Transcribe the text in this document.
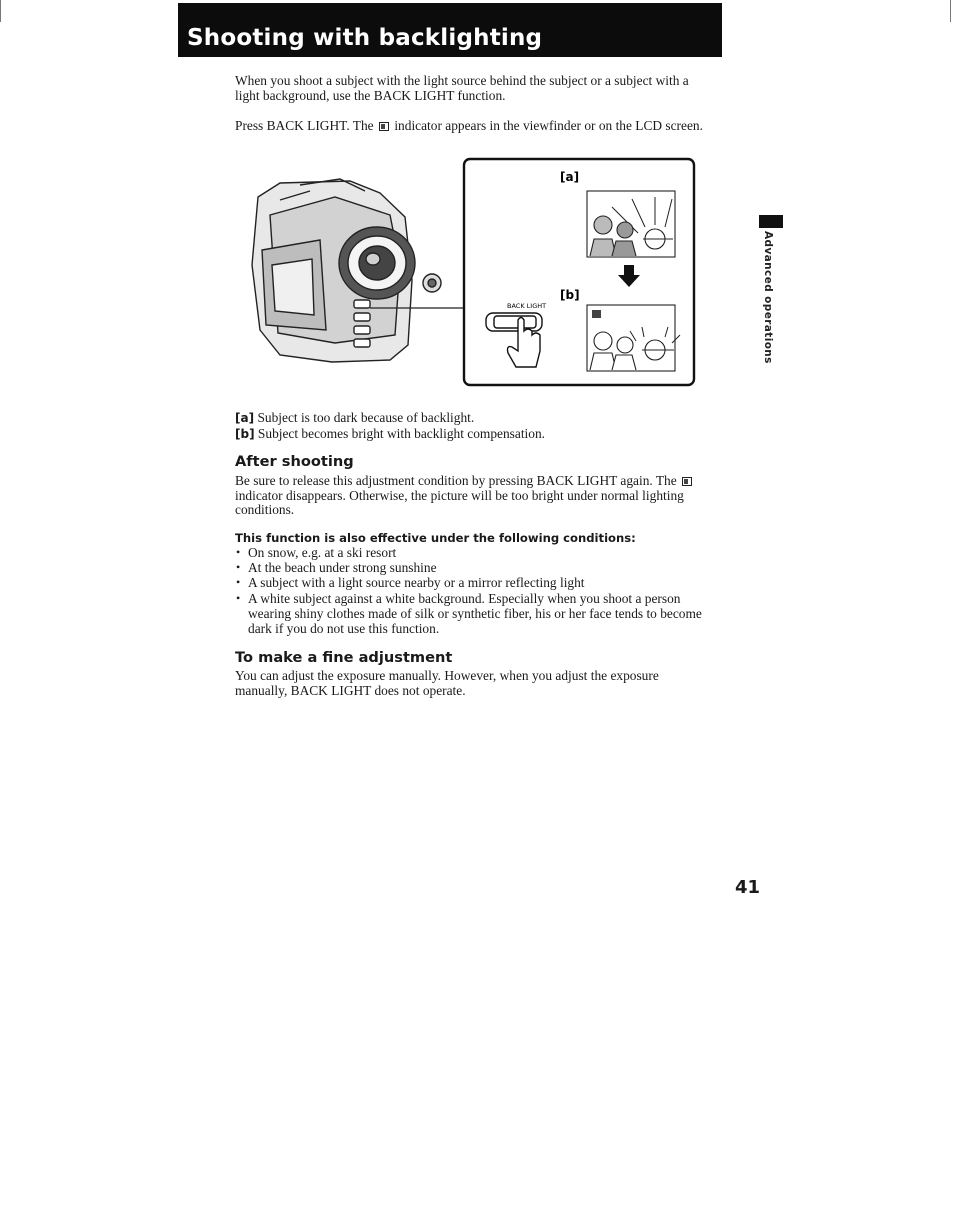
Shooting with backlighting

When you shoot a subject with the light source behind the subject or a subject with a

light background, use the BACK LIGHT function.

Press BACK LIGHT. The indicator appears in the viewfinder or on the LCD screen.

[a]
[b]
BACK LIGHT

[a] Subject is too dark because of backlight.

[b] Subject becomes bright with backlight compensation.

After shooting

Be sure to release this adjustment condition by pressing BACK LIGHT again. The

indicator disappears. Otherwise, the picture will be too bright under normal lighting

conditions.

This function is also effective under the following conditions:
• On snow, e.g. at a ski resort
• At the beach under strong sunshine
• A subject with a light source nearby or a mirror reflecting light
• A white subject against a white background. Especially when you shoot a person wearing shiny clothes made of silk or synthetic fiber, his or her face tends to become dark if you do not use this function.
To make a fine adjustment

You can adjust the exposure manually. However, when you adjust the exposure

manually, BACK LIGHT does not operate.

Advanced operations
41
